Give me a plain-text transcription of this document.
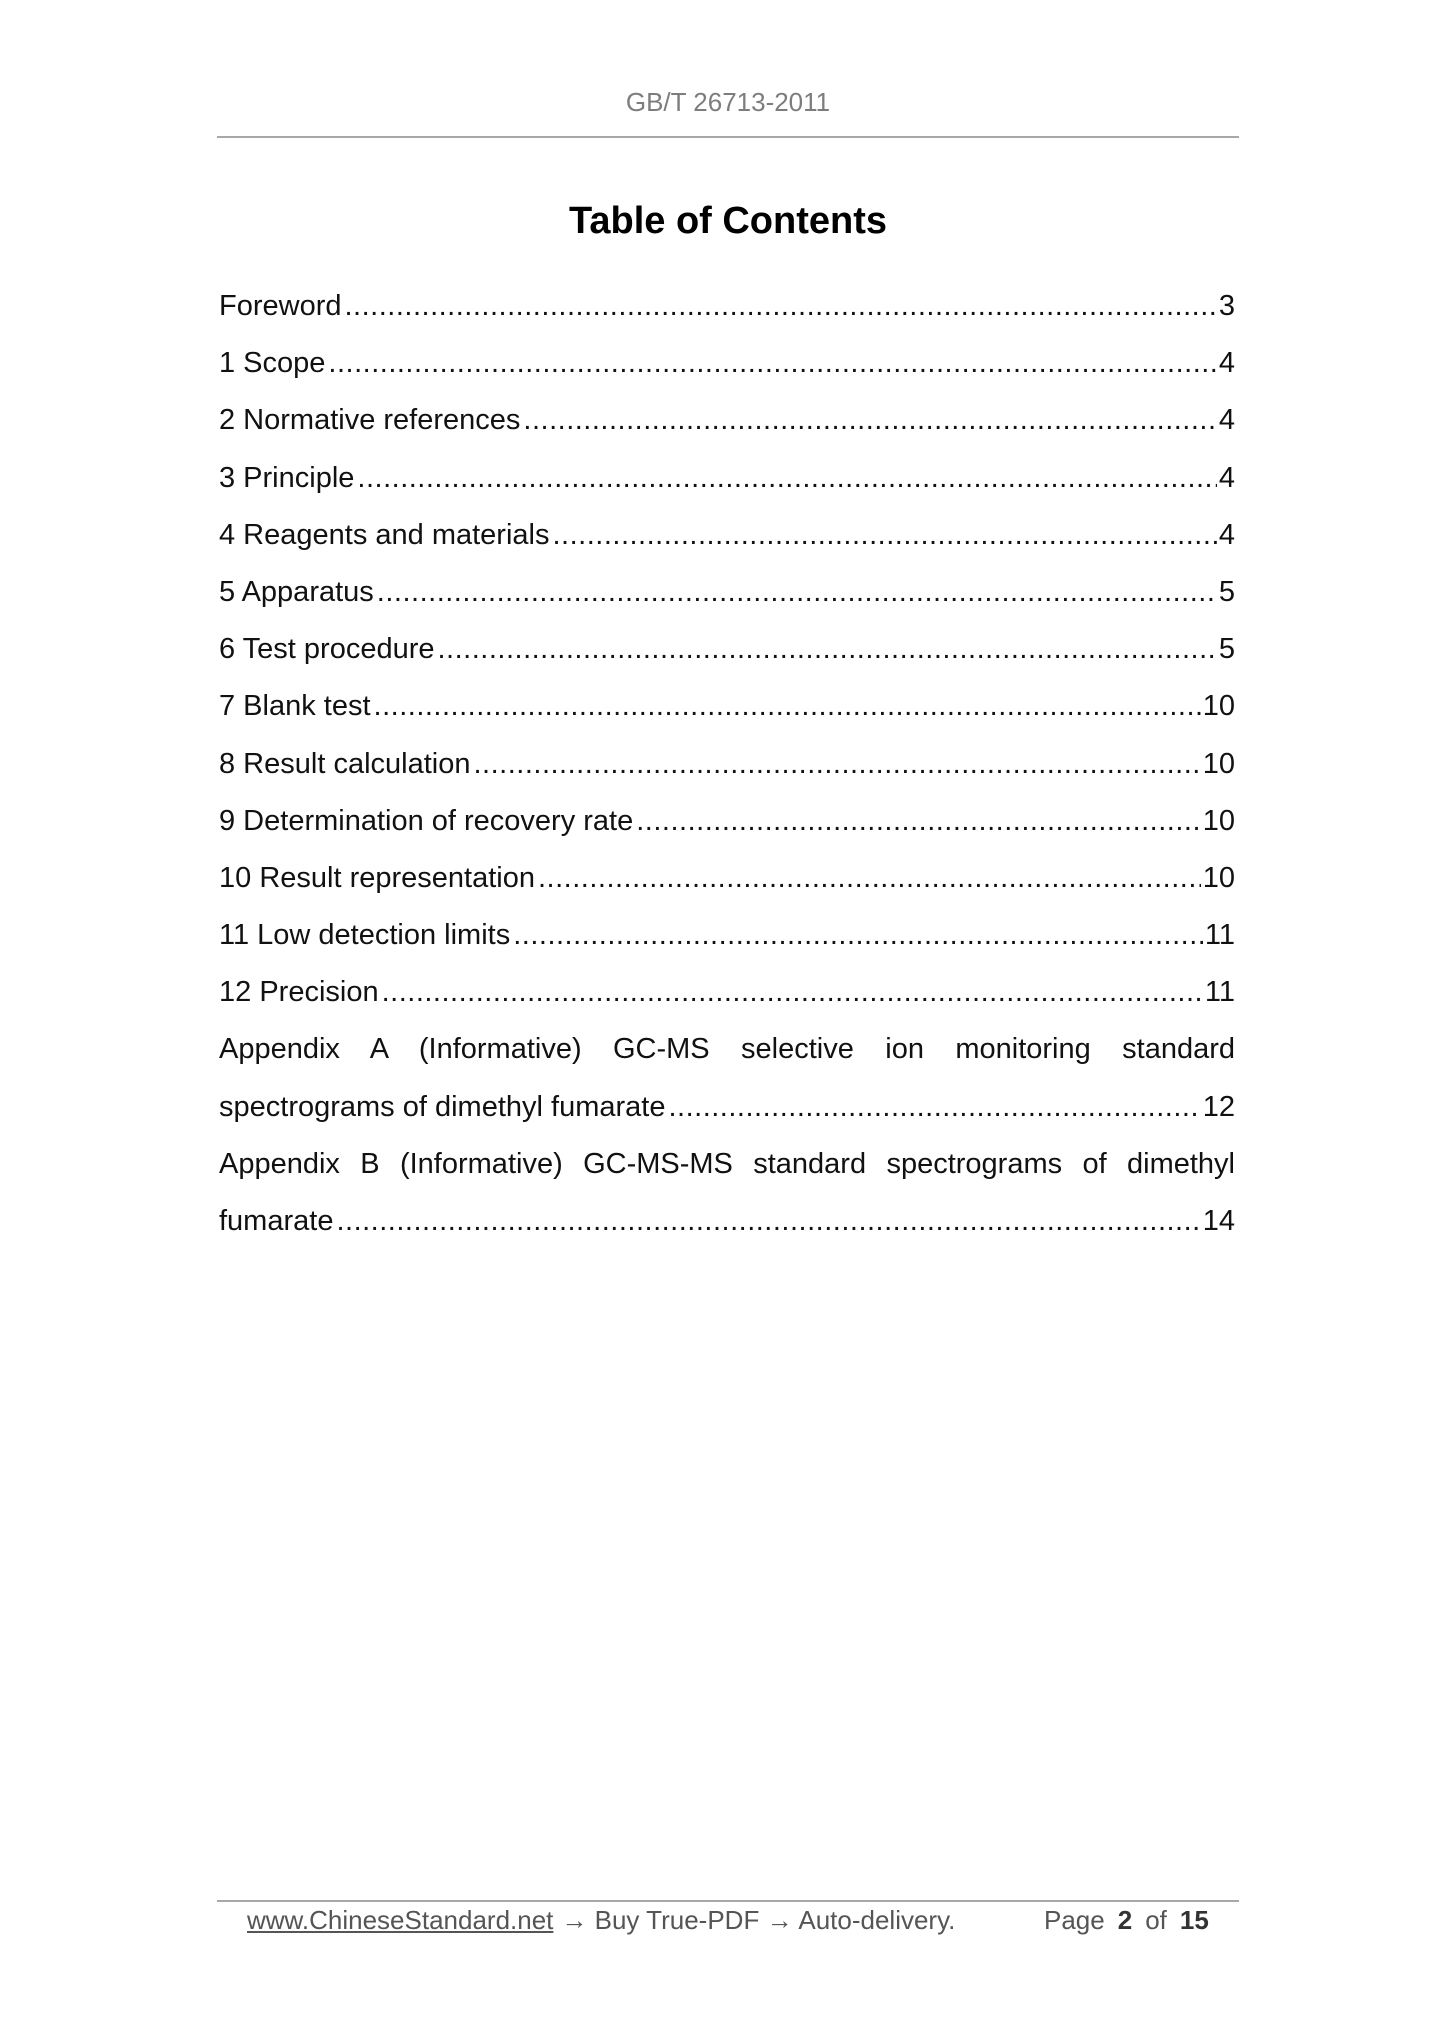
GB/T 26713-2011
Table of Contents
Foreword .....	3
1 Scope .....	4
2 Normative references .....	4
3 Principle .....	4
4 Reagents and materials .....	4
5 Apparatus .....	5
6 Test procedure .....	5
7 Blank test .....	10
8 Result calculation .....	10
9 Determination of recovery rate .....	10
10 Result representation .....	10
11 Low detection limits .....	11
12 Precision .....	11
Appendix A (Informative) GC-MS selective ion monitoring standard
spectrograms of dimethyl fumarate .....	12
Appendix B (Informative) GC-MS-MS standard spectrograms of dimethyl
fumarate .....	14
www.ChineseStandard.net → Buy True-PDF → Auto-delivery.	Page 2 of 15
